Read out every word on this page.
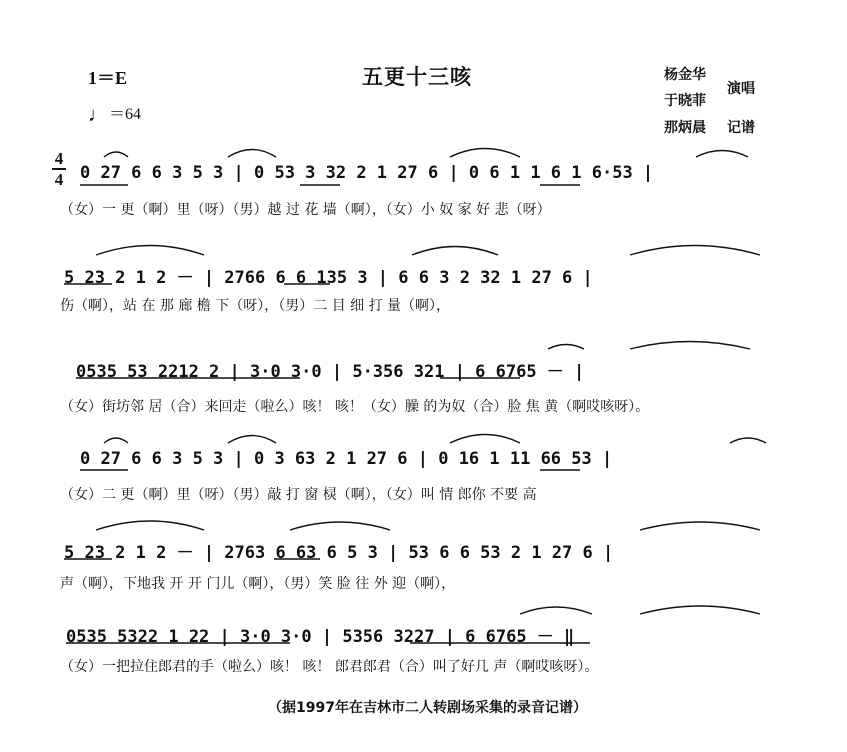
1＝E
♩＝64
五更十三咳	杨金华
于晓菲
演唱
那炳晨 记谱
4
4 0 27 6 6 3 5 3 | 0 53 3 32 2 1 27 6 | 0 6 1 1 6 1 6·53 |
（女）一 更（啊）里（呀）（男）越 过 花 墙（啊），（女）小 奴 家 好 悲（呀）
5 23 2 1 2 － | 2766 6 6 135 3 | 6 6 3 2 32 1 27 6 |
伤（啊），站 在 那 廊 檐 下（呀），（男）二 目 细 打 量（啊），
0535 53 2212 2 | 3·0 3·0 | 5·356 321 | 6 6765 － |
（女）街坊邻 居（合）来回走（啦么）咳！ 咳！（女）臊 的为奴（合）脸 焦 黄（啊哎咳呀）。
0 27 6 6 3 5 3 | 0 3 63 2 1 27 6 | 0 16 1 11 66 53 |
（女）二 更（啊）里（呀）（男）敲 打 窗 棂（啊），（女）叫 情 郎你 不要 高
5 23 2 1 2 － | 2763 6 63 6 5 3 | 53 6 6 53 2 1 27 6 |
声（啊），下地我 开 开 门儿（啊），（男）笑 脸 往 外 迎（啊），
0535 5322 1 22 | 3·0 3·0 | 5356 3227 | 6 6765 － ‖
（女）一把拉住郎君的手（啦么）咳！ 咳！ 郎君郎君（合）叫了好几 声（啊哎咳呀）。
（据1997年在吉林市二人转剧场采集的录音记谱）
